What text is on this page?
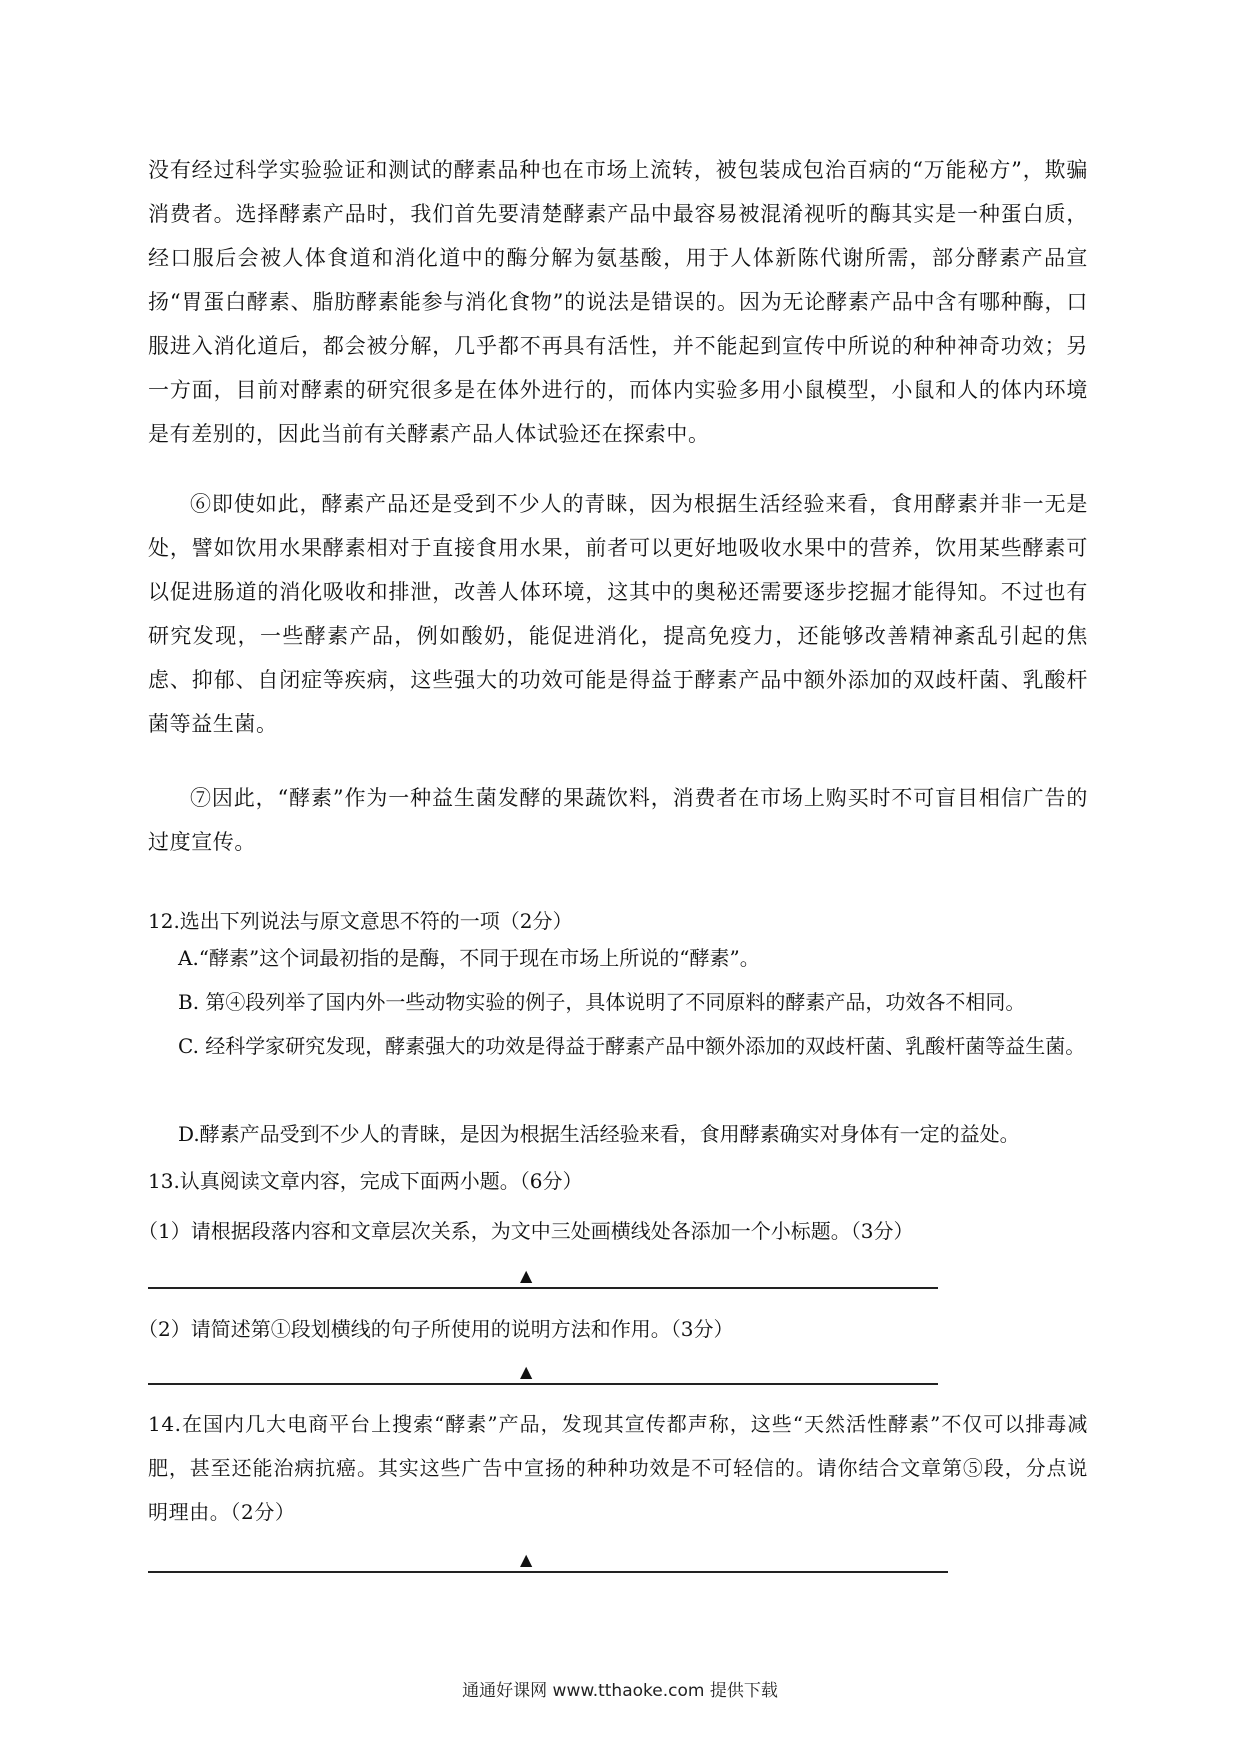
没有经过科学实验验证和测试的酵素品种也在市场上流转，被包装成包治百病的“万能秘方”，欺骗消费者。选择酵素产品时，我们首先要清楚酵素产品中最容易被混淆视听的酶其实是一种蛋白质，经口服后会被人体食道和消化道中的酶分解为氨基酸，用于人体新陈代谢所需，部分酵素产品宣扬“胃蛋白酵素、脂肪酵素能参与消化食物”的说法是错误的。因为无论酵素产品中含有哪种酶，口服进入消化道后，都会被分解，几乎都不再具有活性，并不能起到宣传中所说的种种神奇功效；另一方面，目前对酵素的研究很多是在体外进行的，而体内实验多用小鼠模型，小鼠和人的体内环境是有差别的，因此当前有关酵素产品人体试验还在探索中。
⑥即使如此，酵素产品还是受到不少人的青睐，因为根据生活经验来看，食用酵素并非一无是处，譬如饮用水果酵素相对于直接食用水果，前者可以更好地吸收水果中的营养，饮用某些酵素可以促进肠道的消化吸收和排泄，改善人体环境，这其中的奥秘还需要逐步挖掘才能得知。不过也有研究发现，一些酵素产品，例如酸奶，能促进消化，提高免疫力，还能够改善精神紊乱引起的焦虑、抑郁、自闭症等疾病，这些强大的功效可能是得益于酵素产品中额外添加的双歧杆菌、乳酸杆菌等益生菌。
⑦因此，“酵素”作为一种益生菌发酵的果蔬饮料，消费者在市场上购买时不可盲目相信广告的过度宣传。
12.选出下列说法与原文意思不符的一项（2分）
A.“酵素”这个词最初指的是酶，不同于现在市场上所说的“酵素”。
B. 第④段列举了国内外一些动物实验的例子，具体说明了不同原料的酵素产品，功效各不相同。
C. 经科学家研究发现，酵素强大的功效是得益于酵素产品中额外添加的双歧杆菌、乳酸杆菌等益生菌。
D.酵素产品受到不少人的青睐，是因为根据生活经验来看，食用酵素确实对身体有一定的益处。
13.认真阅读文章内容，完成下面两小题。（6分）
（1）请根据段落内容和文章层次关系，为文中三处画横线处各添加一个小标题。（3分）
▲
（2）请简述第①段划横线的句子所使用的说明方法和作用。（3分）
▲
14.在国内几大电商平台上搜索“酵素”产品，发现其宣传都声称，这些“天然活性酵素”不仅可以排毒减肥，甚至还能治病抗癌。其实这些广告中宣扬的种种功效是不可轻信的。请你结合文章第⑤段，分点说明理由。（2分）
▲
通通好课网 www.tthaoke.com 提供下载
